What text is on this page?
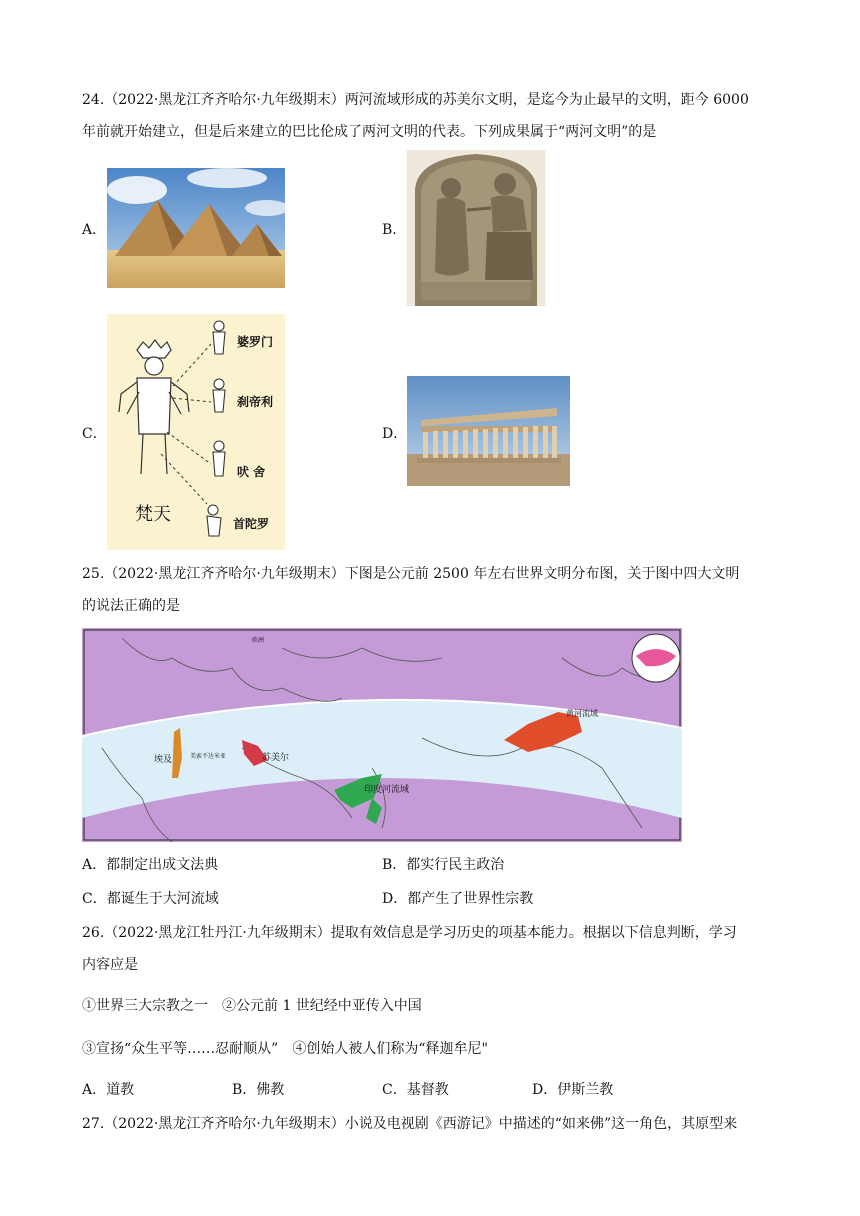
24.（2022·黑龙江齐齐哈尔·九年级期末）两河流域形成的苏美尔文明，是迄今为止最早的文明，距今 6000
年前就开始建立，但是后来建立的巴比伦成了两河文明的代表。下列成果属于“两河文明”的是
A．	B．
C．
婆罗门
刹帝利
吠 舍
首陀罗
梵天
D．
25.（2022·黑龙江齐齐哈尔·九年级期末）下图是公元前 2500 年左右世界文明分布图，关于图中四大文明
的说法正确的是
埃及	美索不达米亚	苏美尔
印度河流域
黄河流域
欧洲
A．都制定出成文法典	B．都实行民主政治
C．都诞生于大河流域	D．都产生了世界性宗教
26.（2022·黑龙江牡丹江·九年级期末）提取有效信息是学习历史的项基本能力。根据以下信息判断，学习
内容应是
①世界三大宗教之一　②公元前 1 世纪经中亚传入中国
③宣扬“众生平等……忍耐顺从”　④创始人被人们称为“释迦牟尼"
A．道教	B．佛教	C．基督教	D．伊斯兰教
27.（2022·黑龙江齐齐哈尔·九年级期末）小说及电视剧《西游记》中描述的“如来佛”这一角色，其原型来
